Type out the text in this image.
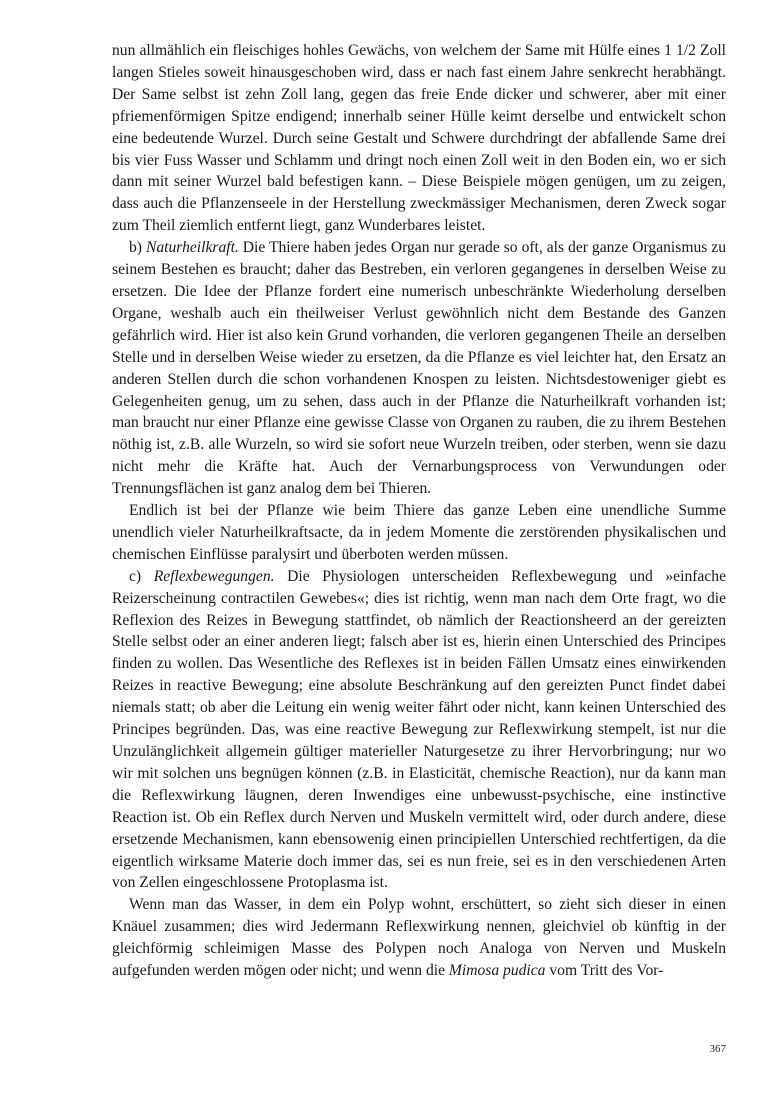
nun allmählich ein fleischiges hohles Gewächs, von welchem der Same mit Hülfe eines 1 1/2 Zoll langen Stieles soweit hinausgeschoben wird, dass er nach fast einem Jahre senkrecht herabhängt. Der Same selbst ist zehn Zoll lang, gegen das freie Ende dicker und schwerer, aber mit einer pfriemenförmigen Spitze endigend; innerhalb seiner Hülle keimt derselbe und entwickelt schon eine bedeutende Wurzel. Durch seine Gestalt und Schwere durchdringt der abfallende Same drei bis vier Fuss Wasser und Schlamm und dringt noch einen Zoll weit in den Boden ein, wo er sich dann mit seiner Wurzel bald befestigen kann. – Diese Beispiele mögen genügen, um zu zeigen, dass auch die Pflanzenseele in der Herstellung zweckmässiger Mechanismen, deren Zweck sogar zum Theil ziemlich entfernt liegt, ganz Wunderbares leistet.

b) Naturheilkraft. Die Thiere haben jedes Organ nur gerade so oft, als der ganze Organismus zu seinem Bestehen es braucht; daher das Bestreben, ein verloren gegangenes in derselben Weise zu ersetzen. Die Idee der Pflanze fordert eine numerisch unbeschränkte Wiederholung derselben Organe, weshalb auch ein theilweiser Verlust gewöhnlich nicht dem Bestande des Ganzen gefährlich wird. Hier ist also kein Grund vorhanden, die verloren gegangenen Theile an derselben Stelle und in derselben Weise wieder zu ersetzen, da die Pflanze es viel leichter hat, den Ersatz an anderen Stellen durch die schon vorhandenen Knospen zu leisten. Nichtsdestoweniger giebt es Gelegenheiten genug, um zu sehen, dass auch in der Pflanze die Naturheilkraft vorhanden ist; man braucht nur einer Pflanze eine gewisse Classe von Organen zu rauben, die zu ihrem Bestehen nöthig ist, z.B. alle Wurzeln, so wird sie sofort neue Wurzeln treiben, oder sterben, wenn sie dazu nicht mehr die Kräfte hat. Auch der Vernarbungsprocess von Verwundungen oder Trennungsflächen ist ganz analog dem bei Thieren.

Endlich ist bei der Pflanze wie beim Thiere das ganze Leben eine unendliche Summe unendlich vieler Naturheilkraftsacte, da in jedem Momente die zerstörenden physikalischen und chemischen Einflüsse paralysirt und überboten werden müssen.

c) Reflexbewegungen. Die Physiologen unterscheiden Reflexbewegung und »einfache Reizerscheinung contractilen Gewebes«; dies ist richtig, wenn man nach dem Orte fragt, wo die Reflexion des Reizes in Bewegung stattfindet, ob nämlich der Reactionsheerd an der gereizten Stelle selbst oder an einer anderen liegt; falsch aber ist es, hierin einen Unterschied des Principes finden zu wollen. Das Wesentliche des Reflexes ist in beiden Fällen Umsatz eines einwirkenden Reizes in reactive Bewegung; eine absolute Beschränkung auf den gereizten Punct findet dabei niemals statt; ob aber die Leitung ein wenig weiter fährt oder nicht, kann keinen Unterschied des Principes begründen. Das, was eine reactive Bewegung zur Reflexwirkung stempelt, ist nur die Unzulänglichkeit allgemein gültiger materieller Naturgesetze zu ihrer Hervorbringung; nur wo wir mit solchen uns begnügen können (z.B. in Elasticität, chemische Reaction), nur da kann man die Reflexwirkung läugnen, deren Inwendiges eine unbewusst-psychische, eine instinctive Reaction ist. Ob ein Reflex durch Nerven und Muskeln vermittelt wird, oder durch andere, diese ersetzende Mechanismen, kann ebensowenig einen principiellen Unterschied rechtfertigen, da die eigentlich wirksame Materie doch immer das, sei es nun freie, sei es in den verschiedenen Arten von Zellen eingeschlossene Protoplasma ist.

Wenn man das Wasser, in dem ein Polyp wohnt, erschüttert, so zieht sich dieser in einen Knäuel zusammen; dies wird Jedermann Reflexwirkung nennen, gleichviel ob künftig in der gleichförmig schleimigen Masse des Polypen noch Analoga von Nerven und Muskeln aufgefunden werden mögen oder nicht; und wenn die Mimosa pudica vom Tritt des Vor-

367
